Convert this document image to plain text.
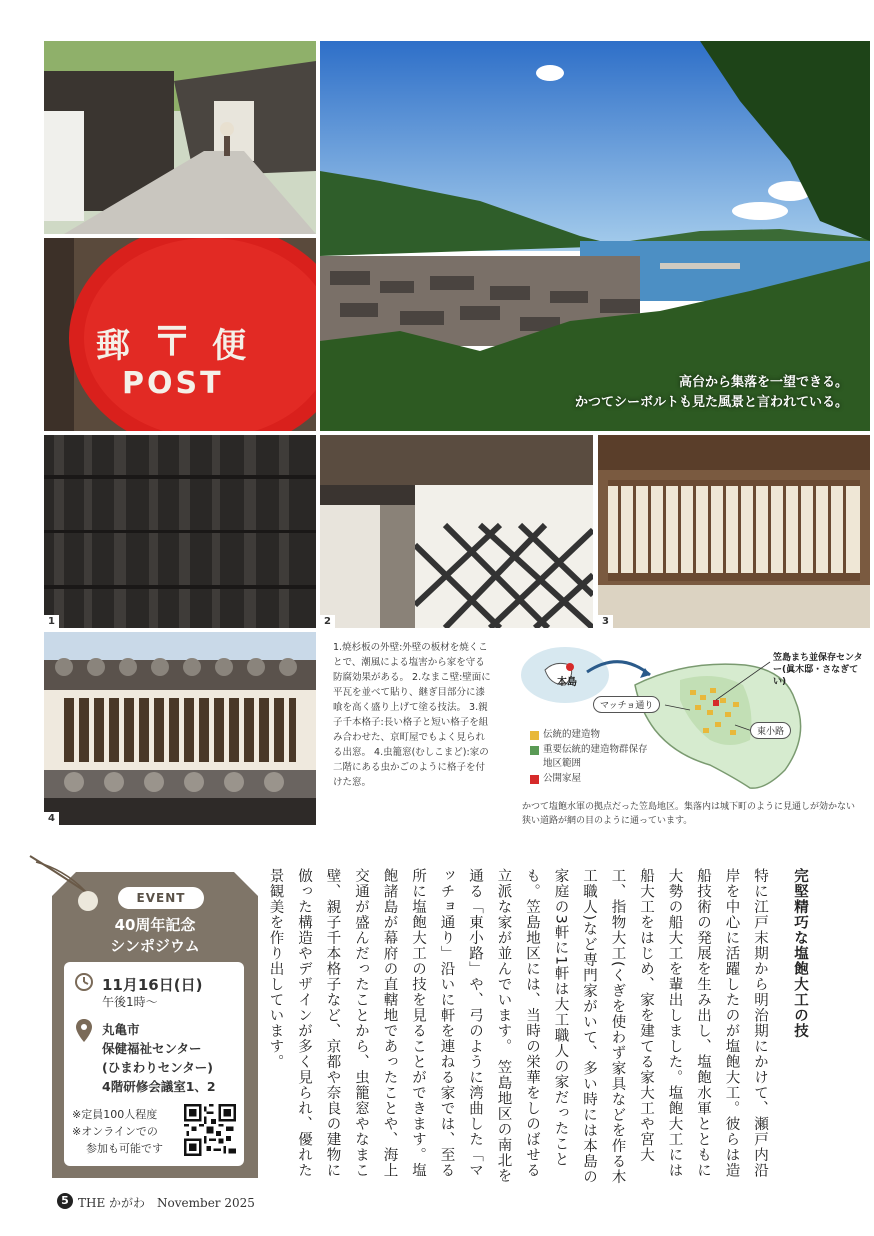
郵 〒 便
POST	高台から集落を一望できる。
かつてシーボルトも見た風景と言われている。
1	2	3
4
1.焼杉板の外壁:外壁の板材を焼くことで、潮風による塩害から家を守る防腐効果がある。 2.なまこ壁:壁面に平瓦を並べて貼り、継ぎ目部分に漆喰を高く盛り上げて塗る技法。 3.親子千本格子:長い格子と短い格子を組み合わせた、京町屋でもよく見られる出窓。 4.虫籠窓(むしこまど):家の二階にある虫かごのように格子を付けた窓。
本島
マッチョ通り
東小路
笠島まち並保存センター(眞木邸・さなぎてい)
伝統的建造物
重要伝統的建造物群保存地区範囲
公開家屋
かつて塩飽水軍の拠点だった笠島地区。集落内は城下町のように見通しが効かない狭い道路が網の目のように通っています。
完堅精巧な塩飽大工の技
特に江戸末期から明治期にかけて、瀬戸内沿岸を中心に活躍したのが塩飽大工。彼らは造船技術の発展を生み出し、塩飽水軍とともに大勢の船大工を輩出しました。塩飽大工には船大工をはじめ、家を建てる家大工や宮大工、指物大工(くぎを使わず家具などを作る木工職人)など専門家がいて、多い時には本島の家庭の3軒に1軒は大工職人の家だったことも。笠島地区には、当時の栄華をしのばせる立派な家が並んでいます。 笠島地区の南北を通る「東小路」や、弓のように湾曲した「マッチョ通り」沿いに軒を連ねる家では、至る所に塩飽大工の技を見ることができます。塩飽諸島が幕府の直轄地であったことや、海上交通が盛んだったことから、虫籠窓やなまこ壁、親子千本格子など、京都や奈良の建物に倣った構造やデザインが多く見られ、優れた景観美を作り出しています。
EVENT
40周年記念
シンポジウム
11月16日(日)
午後1時〜
丸亀市
保健福祉センター
(ひまわりセンター)
4階研修会議室1、2
※定員100人程度
※オンラインでの
参加も可能です
5 THE かがわ　November 2025
